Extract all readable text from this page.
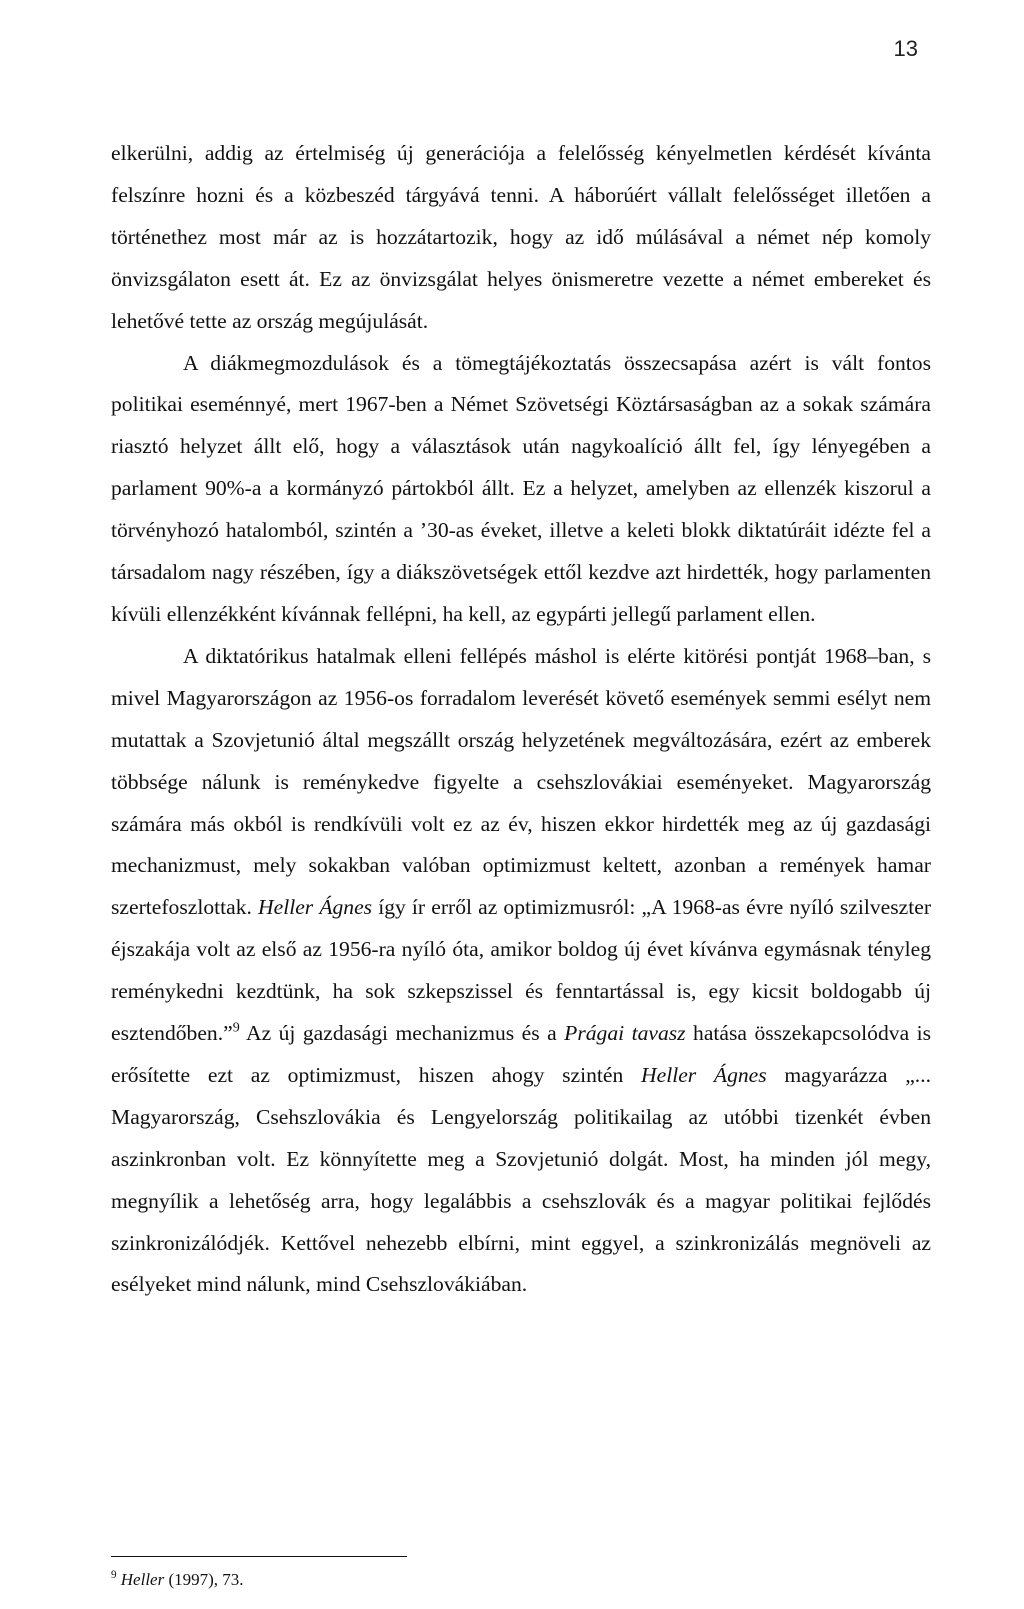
13

elkerülni, addig az értelmiség új generációja a felelősség kényelmetlen kérdését kívánta felszínre hozni és a közbeszéd tárgyává tenni. A háborúért vállalt felelősséget illetően a történethez most már az is hozzátartozik, hogy az idő múlásával a német nép komoly önvizsgálaton esett át. Ez az önvizsgálat helyes önismeretre vezette a német embereket és lehetővé tette az ország megújulását.

A diákmegmozdulások és a tömegtájékoztatás összecsapása azért is vált fontos politikai eseménnyé, mert 1967-ben a Német Szövetségi Köztársaságban az a sokak számára riasztó helyzet állt elő, hogy a választások után nagykoalíció állt fel, így lényegében a parlament 90%-a a kormányzó pártokból állt. Ez a helyzet, amelyben az ellenzék kiszorul a törvényhozó hatalomból, szintén a ’30-as éveket, illetve a keleti blokk diktatúráit idézte fel a társadalom nagy részében, így a diákszövetségek ettől kezdve azt hirdették, hogy parlamenten kívüli ellenzékként kívánnak fellépni, ha kell, az egypárti jellegű parlament ellen.

A diktatórikus hatalmak elleni fellépés máshol is elérte kitörési pontját 1968–ban, s mivel Magyarországon az 1956-os forradalom leverését követő események semmi esélyt nem mutattak a Szovjetunió által megszállt ország helyzetének megváltozására, ezért az emberek többsége nálunk is reménykedve figyelte a csehszlovákiai eseményeket. Magyarország számára más okból is rendkívüli volt ez az év, hiszen ekkor hirdették meg az új gazdasági mechanizmust, mely sokakban valóban optimizmust keltett, azonban a remények hamar szertefoszlottak. Heller Ágnes így ír erről az optimizmusról: „A 1968-as évre nyíló szilveszter éjszakája volt az első az 1956-ra nyíló óta, amikor boldog új évet kívánva egymásnak tényleg reménykedni kezdtünk, ha sok szkepszissel és fenntartással is, egy kicsit boldogabb új esztendőben.”$^9$ Az új gazdasági mechanizmus és a Prágai tavasz hatása összekapcsolódva is erősítette ezt az optimizmust, hiszen ahogy szintén Heller Ágnes magyarázza „... Magyarország, Csehszlovákia és Lengyelország politikailag az utóbbi tizenkét évben aszinkronban volt. Ez könnyítette meg a Szovjetunió dolgát. Most, ha minden jól megy, megnyílik a lehetőség arra, hogy legalábbis a csehszlovák és a magyar politikai fejlődés szinkronizálódjék. Kettővel nehezebb elbírni, mint eggyel, a szinkronizálás megnöveli az esélyeket mind nálunk, mind Csehszlovákiában.

$^9$ Heller (1997), 73.
